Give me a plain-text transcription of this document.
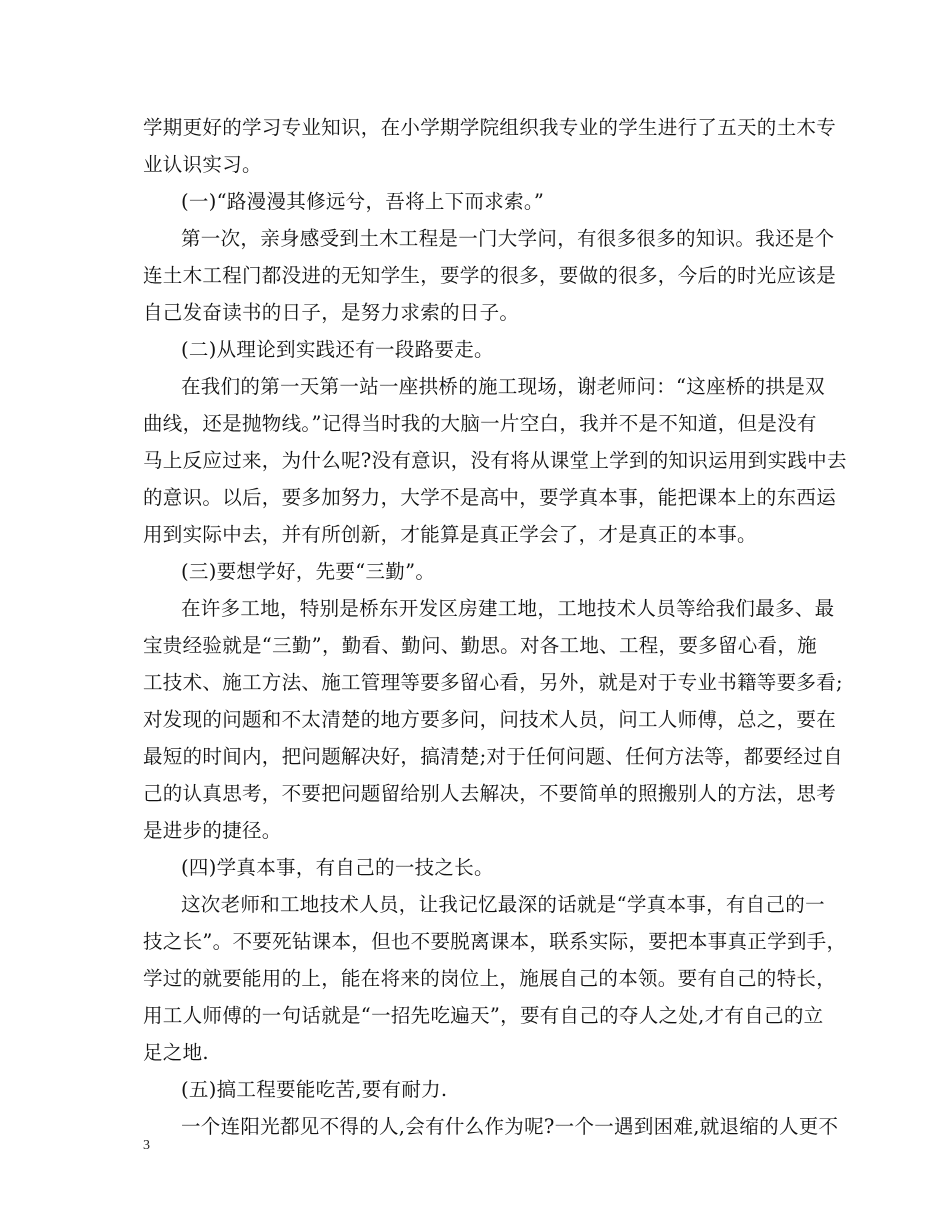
学期更好的学习专业知识，在小学期学院组织我专业的学生进行了五天的土木专
业认识实习。
(一)“路漫漫其修远兮，吾将上下而求索。”
第一次，亲身感受到土木工程是一门大学问，有很多很多的知识。我还是个
连土木工程门都没进的无知学生，要学的很多，要做的很多，今后的时光应该是
自己发奋读书的日子，是努力求索的日子。
(二)从理论到实践还有一段路要走。
在我们的第一天第一站一座拱桥的施工现场，谢老师问：“这座桥的拱是双
曲线，还是抛物线。”记得当时我的大脑一片空白，我并不是不知道，但是没有
马上反应过来，为什么呢?没有意识，没有将从课堂上学到的知识运用到实践中去
的意识。以后，要多加努力，大学不是高中，要学真本事，能把课本上的东西运
用到实际中去，并有所创新，才能算是真正学会了，才是真正的本事。
(三)要想学好，先要“三勤”。
在许多工地，特别是桥东开发区房建工地，工地技术人员等给我们最多、最
宝贵经验就是“三勤”，勤看、勤问、勤思。对各工地、工程，要多留心看，施
工技术、施工方法、施工管理等要多留心看，另外，就是对于专业书籍等要多看;
对发现的问题和不太清楚的地方要多问，问技术人员，问工人师傅，总之，要在
最短的时间内，把问题解决好，搞清楚;对于任何问题、任何方法等，都要经过自
己的认真思考，不要把问题留给别人去解决，不要简单的照搬别人的方法，思考
是进步的捷径。
(四)学真本事，有自己的一技之长。
这次老师和工地技术人员，让我记忆最深的话就是“学真本事，有自己的一
技之长”。不要死钻课本，但也不要脱离课本，联系实际，要把本事真正学到手，
学过的就要能用的上，能在将来的岗位上，施展自己的本领。要有自己的特长，
用工人师傅的一句话就是“一招先吃遍天”，要有自己的夺人之处,才有自己的立
足之地.
(五)搞工程要能吃苦,要有耐力.
一个连阳光都见不得的人,会有什么作为呢?一个一遇到困难,就退缩的人更不
3
